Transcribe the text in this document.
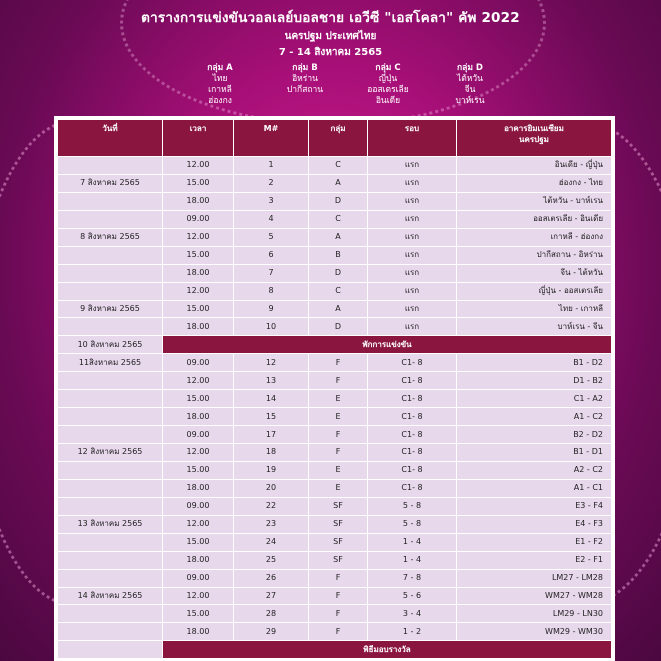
ตารางการแข่งขันวอลเลย์บอลชาย เอวีซี "เอสโคลา" คัพ 2022
นครปฐม ประเทศไทย
7 - 14 สิงหาคม 2565
กลุ่ม A
ไทย
เกาหลี
ฮ่องกง
กลุ่ม B
อิหร่าน
ปากีสถาน
กลุ่ม C
ญี่ปุ่น
ออสเตรเลีย
อินเดีย
กลุ่ม D
ไต้หวัน
จีน
บาห์เรน
วันที่	เวลา	M#	กลุ่ม	รอบ	อาคารยิมเนเซียม
นครปฐม
	12.00	1	C	แรก	อินเดีย - ญี่ปุ่น
7 สิงหาคม 2565	15.00	2	A	แรก	ฮ่องกง - ไทย
	18.00	3	D	แรก	ไต้หวัน - บาห์เรน
	09.00	4	C	แรก	ออสเตรเลีย - อินเดีย
8 สิงหาคม 2565	12.00	5	A	แรก	เกาหลี - ฮ่องกง
	15.00	6	B	แรก	ปากีสถาน - อิหร่าน
	18.00	7	D	แรก	จีน - ไต้หวัน
	12.00	8	C	แรก	ญี่ปุ่น - ออสเตรเลีย
9 สิงหาคม 2565	15.00	9	A	แรก	ไทย - เกาหลี
	18.00	10	D	แรก	บาห์เรน - จีน
10 สิงหาคม 2565	พักการแข่งขัน				
11สิงหาคม 2565	09.00	12	F	C1- 8	B1 - D2
	12.00	13	F	C1- 8	D1 - B2
	15.00	14	E	C1- 8	C1 - A2
	18.00	15	E	C1- 8	A1 - C2
	09.00	17	F	C1- 8	B2 - D2
12 สิงหาคม 2565	12.00	18	F	C1- 8	B1 - D1
	15.00	19	E	C1- 8	A2 - C2
	18.00	20	E	C1- 8	A1 - C1
	09.00	22	SF	5 - 8	E3 - F4
13 สิงหาคม 2565	12.00	23	SF	5 - 8	E4 - F3
	15.00	24	SF	1 - 4	E1 - F2
	18.00	25	SF	1 - 4	E2 - F1
	09.00	26	F	7 - 8	LM27 - LM28
14 สิงหาคม 2565	12.00	27	F	5 - 6	WM27 - WM28
	15.00	28	F	3 - 4	LM29 - LN30
	18.00	29	F	1 - 2	WM29 - WM30
	พิธีมอบรางวัล				
